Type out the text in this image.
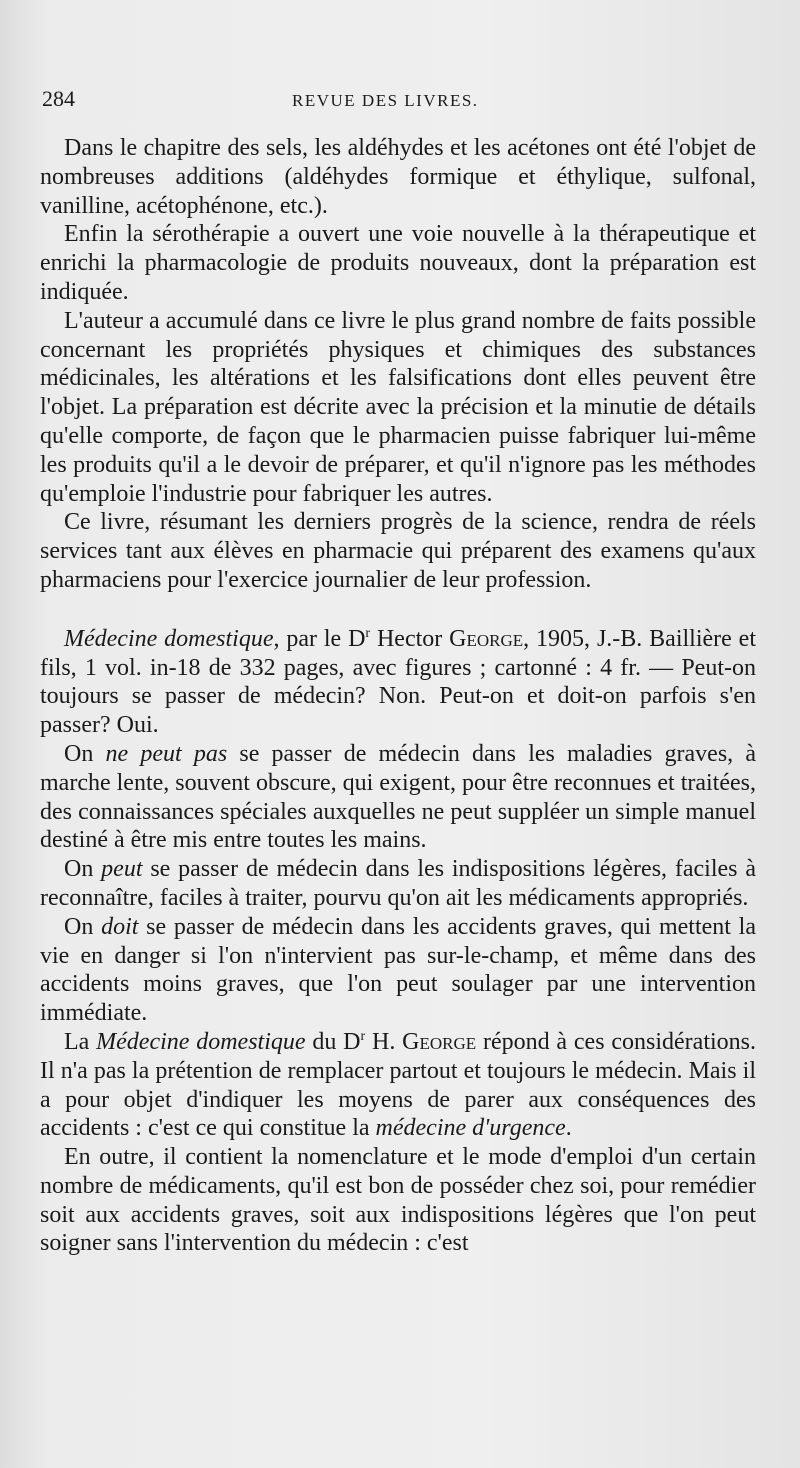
284	REVUE DES LIVRES.

Dans le chapitre des sels, les aldéhydes et les acétones ont été l'objet de nombreuses additions (aldéhydes formique et éthylique, sulfonal, vanilline, acétophénone, etc.).

Enfin la sérothérapie a ouvert une voie nouvelle à la thérapeutique et enrichi la pharmacologie de produits nouveaux, dont la préparation est indiquée.

L'auteur a accumulé dans ce livre le plus grand nombre de faits possible concernant les propriétés physiques et chimiques des substances médicinales, les altérations et les falsifications dont elles peuvent être l'objet. La préparation est décrite avec la précision et la minutie de détails qu'elle comporte, de façon que le pharmacien puisse fabriquer lui-même les produits qu'il a le devoir de préparer, et qu'il n'ignore pas les méthodes qu'emploie l'industrie pour fabriquer les autres.

Ce livre, résumant les derniers progrès de la science, rendra de réels services tant aux élèves en pharmacie qui préparent des examens qu'aux pharmaciens pour l'exercice journalier de leur profession.

Médecine domestique, par le $D^r$ Hector George, 1905, J.-B. Baillière et fils, 1 vol. in-18 de 332 pages, avec figures ; cartonné : 4 fr. — Peut-on toujours se passer de médecin? Non. Peut-on et doit-on parfois s'en passer? Oui.

On ne peut pas se passer de médecin dans les maladies graves, à marche lente, souvent obscure, qui exigent, pour être reconnues et traitées, des connaissances spéciales auxquelles ne peut suppléer un simple manuel destiné à être mis entre toutes les mains.

On peut se passer de médecin dans les indispositions légères, faciles à reconnaître, faciles à traiter, pourvu qu'on ait les médicaments appropriés.

On doit se passer de médecin dans les accidents graves, qui mettent la vie en danger si l'on n'intervient pas sur-le-champ, et même dans des accidents moins graves, que l'on peut soulager par une intervention immédiate.

La Médecine domestique du $D^r$ H. George répond à ces considérations. Il n'a pas la prétention de remplacer partout et toujours le médecin. Mais il a pour objet d'indiquer les moyens de parer aux conséquences des accidents : c'est ce qui constitue la médecine d'urgence.

En outre, il contient la nomenclature et le mode d'emploi d'un certain nombre de médicaments, qu'il est bon de posséder chez soi, pour remédier soit aux accidents graves, soit aux indispositions légères que l'on peut soigner sans l'intervention du médecin : c'est
